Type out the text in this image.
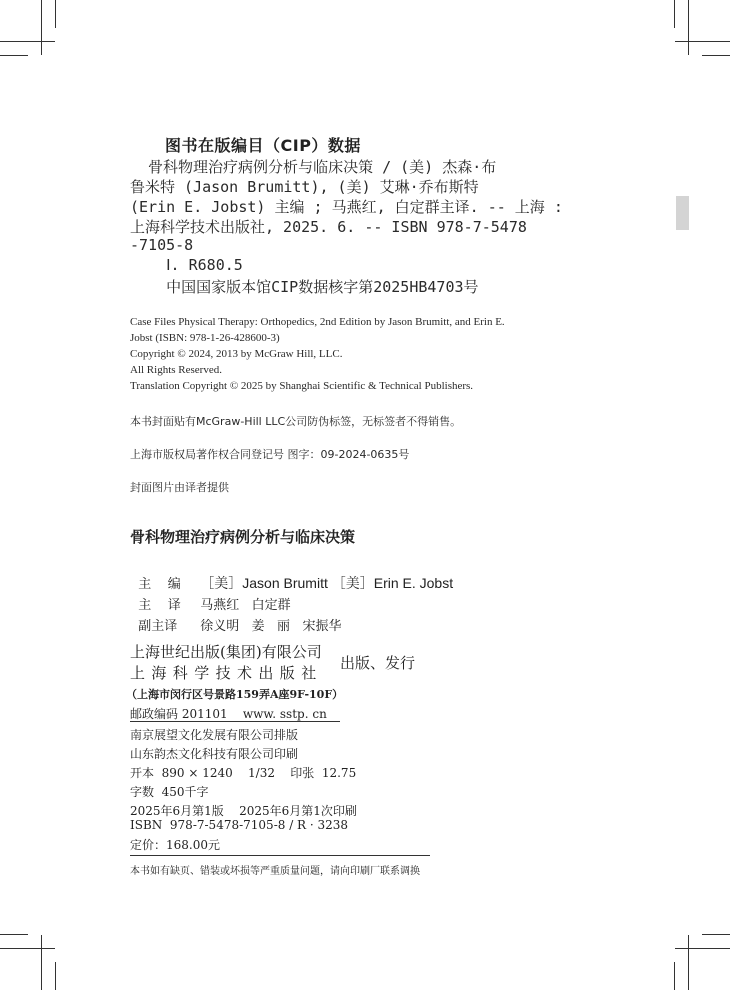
图书在版编目（CIP）数据
骨科物理治疗病例分析与临床决策 / (美) 杰森·布
鲁米特 (Jason Brumitt), (美) 艾琳·乔布斯特
(Erin E. Jobst) 主编 ; 马燕红, 白定群主译. -- 上海 :
上海科学技术出版社, 2025. 6. -- ISBN 978-7-5478
-7105-8
Ⅰ. R680.5
中国国家版本馆CIP数据核字第2025HB4703号
Case Files Physical Therapy: Orthopedics, 2nd Edition by Jason Brumitt, and Erin E.
Jobst (ISBN: 978-1-26-428600-3)
Copyright © 2024, 2013 by McGraw Hill, LLC.
All Rights Reserved.
Translation Copyright © 2025 by Shanghai Scientific & Technical Publishers.
本书封面贴有McGraw-Hill LLC公司防伪标签，无标签者不得销售。
上海市版权局著作权合同登记号 图字：09-2024-0635号
封面图片由译者提供
骨科物理治疗病例分析与临床决策

主    编 ［美］Jason Brumitt ［美］Erin E. Jobst

主    译 马燕红   白定群

副主译 徐义明   姜   丽   宋振华

上海世纪出版(集团)有限公司
上海科学技术出版社
出版、发行
（上海市闵行区号景路159弄A座9F-10F）
邮政编码 201101    www. sstp. cn
南京展望文化发展有限公司排版
山东韵杰文化科技有限公司印刷
开本  890 × 1240    1/32    印张  12.75
字数  450千字
2025年6月第1版    2025年6月第1次印刷
ISBN  978-7-5478-7105-8 / R · 3238
定价：168.00元
本书如有缺页、错装或坏损等严重质量问题，请向印刷厂联系调换
